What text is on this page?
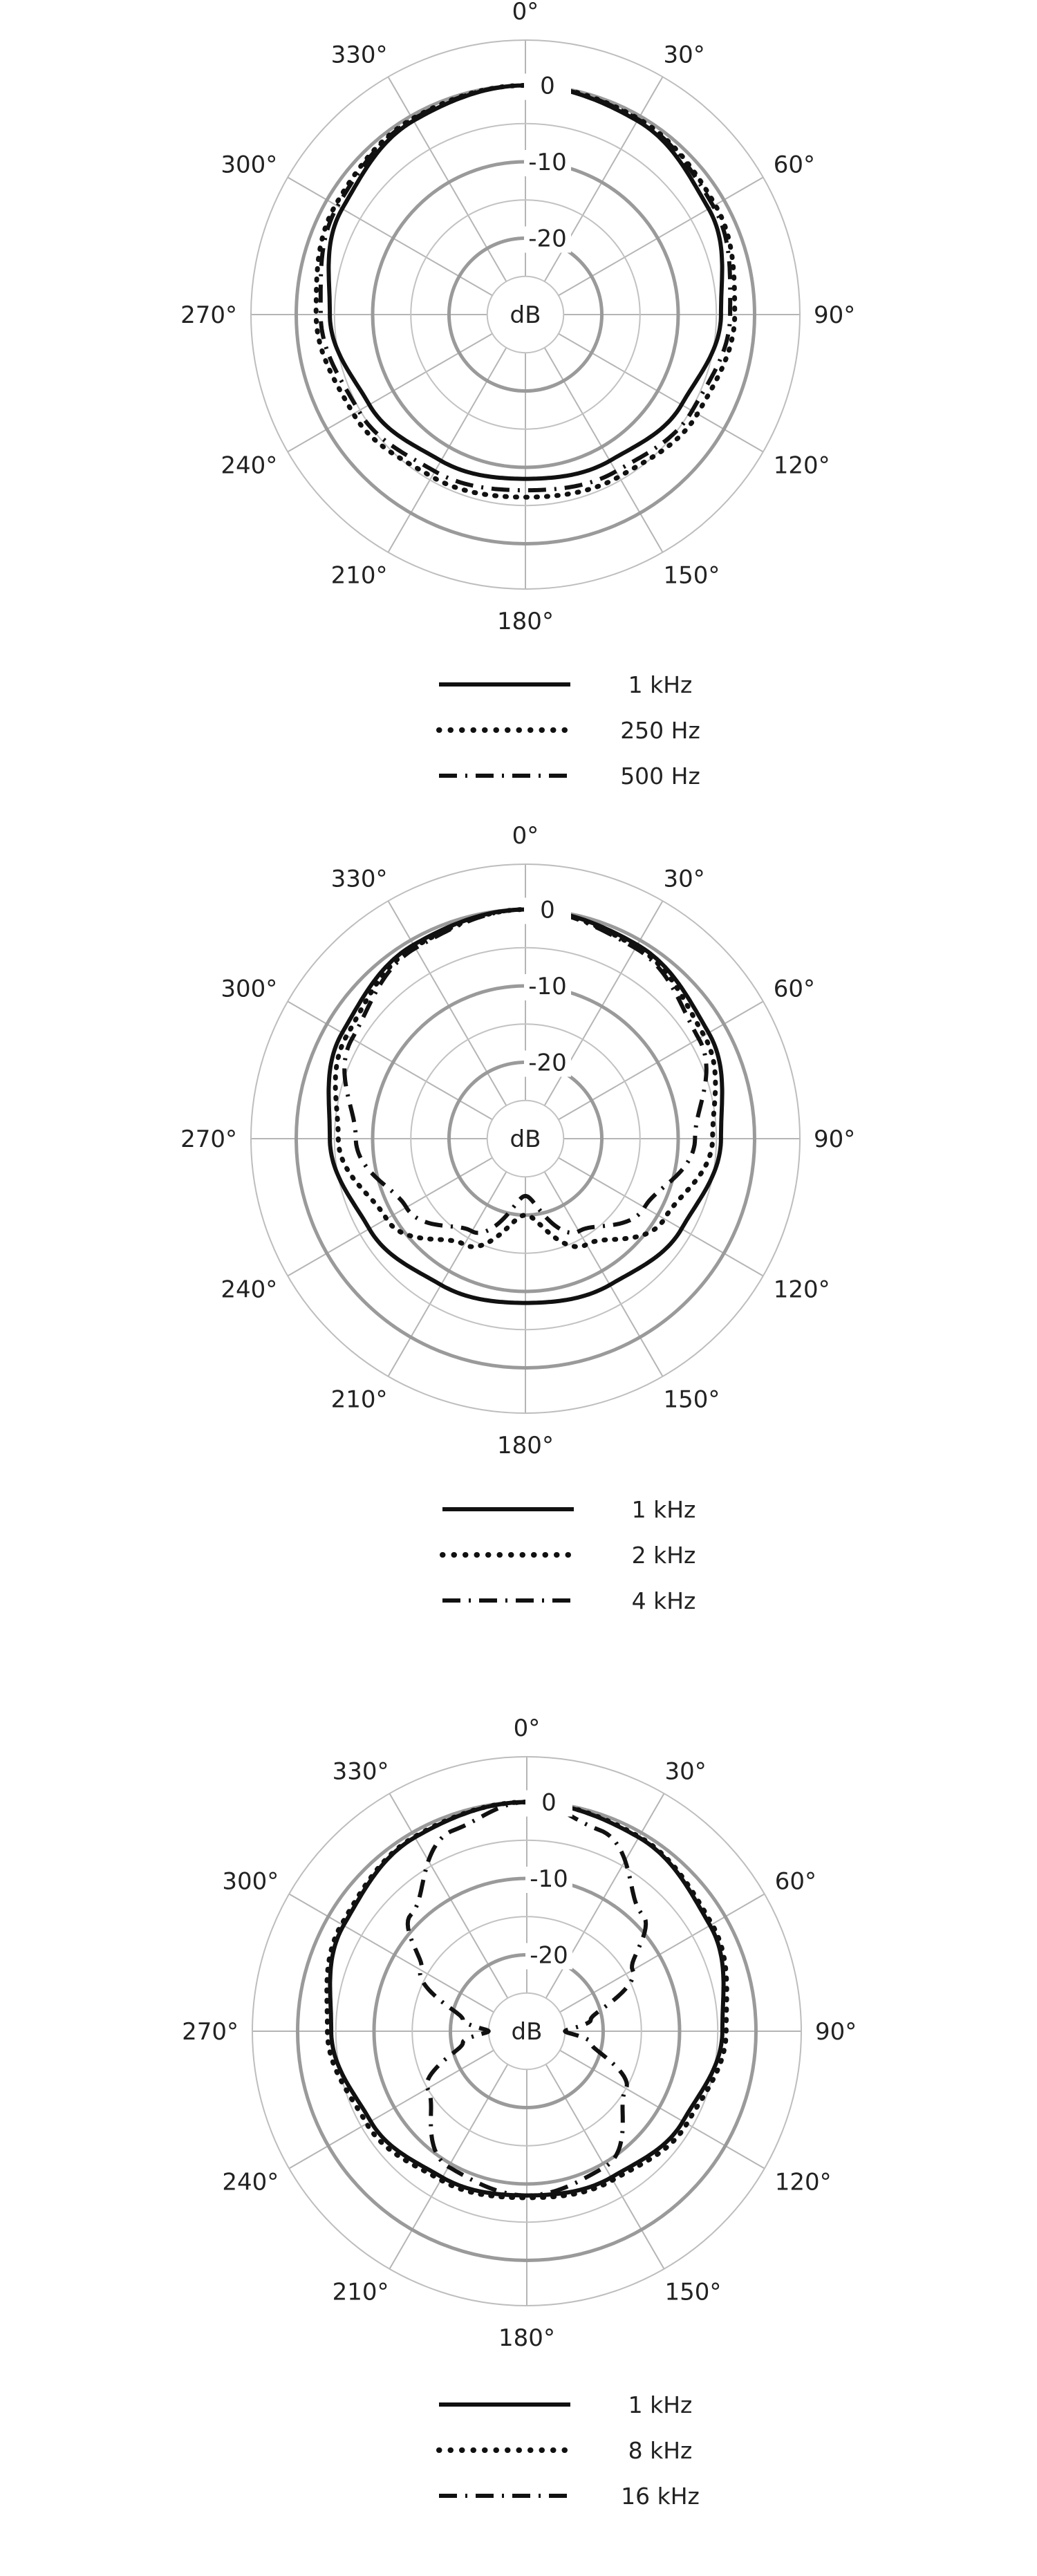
0°
30°
60°
90°
120°
150°
180°
210°
240°
270°
300°
330°
0
-10
-20
dB
1 kHz
250 Hz
500 Hz
0°
30°
60°
90°
120°
150°
180°
210°
240°
270°
300°
330°
0
-10
-20
dB
1 kHz
2 kHz
4 kHz
0°
30°
60°
90°
120°
150°
180°
210°
240°
270°
300°
330°
0
-10
-20
dB
1 kHz
8 kHz
16 kHz
